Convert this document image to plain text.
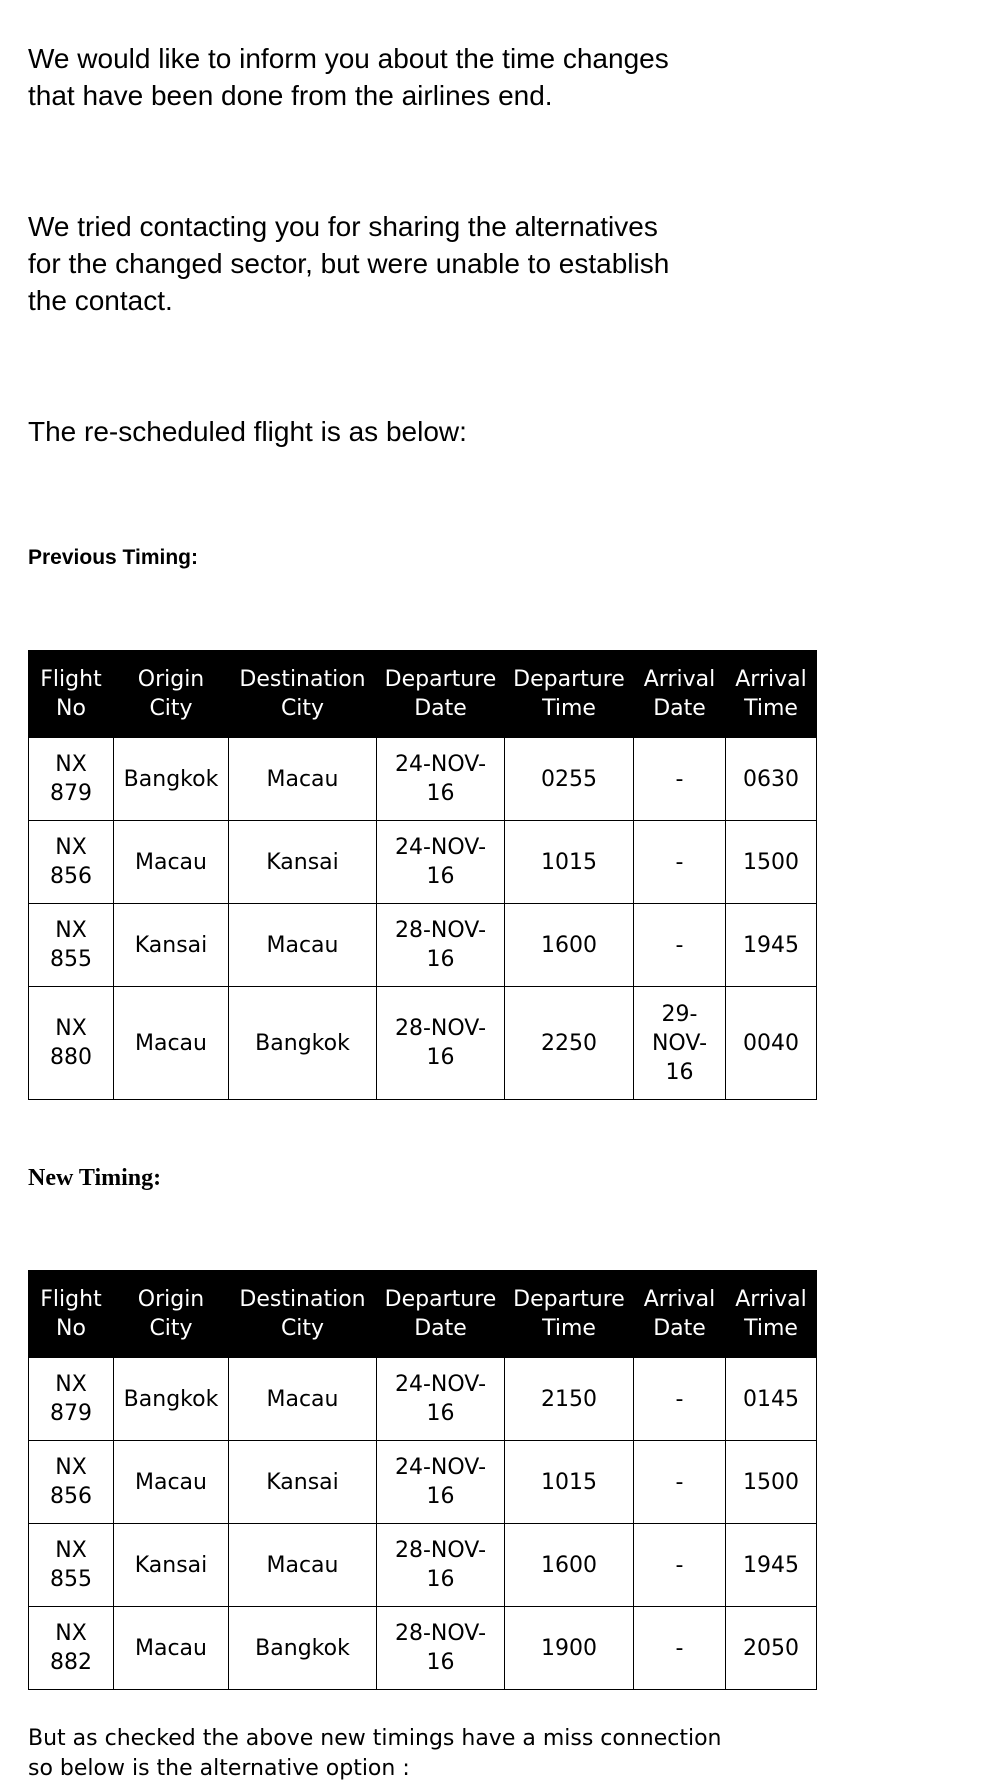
We would like to inform you about the time changes
that have been done from the airlines end.

We tried contacting you for sharing the alternatives
for the changed sector, but were unable to establish
the contact.

The re-scheduled flight is as below:

Previous Timing:
Flight No	Origin City	Destination City	Departure Date	Departure Time	Arrival Date	Arrival Time
NX 879	Bangkok	Macau	24-NOV-16	0255	-	0630
NX 856	Macau	Kansai	24-NOV-16	1015	-	1500
NX 855	Kansai	Macau	28-NOV-16	1600	-	1945
NX 880	Macau	Bangkok	28-NOV-16	2250	29-NOV-16	0040
New Timing:
Flight No	Origin City	Destination City	Departure Date	Departure Time	Arrival Date	Arrival Time
NX 879	Bangkok	Macau	24-NOV-16	2150	-	0145
NX 856	Macau	Kansai	24-NOV-16	1015	-	1500
NX 855	Kansai	Macau	28-NOV-16	1600	-	1945
NX 882	Macau	Bangkok	28-NOV-16	1900	-	2050

But as checked the above new timings have a miss connection so below is the alternative option :
